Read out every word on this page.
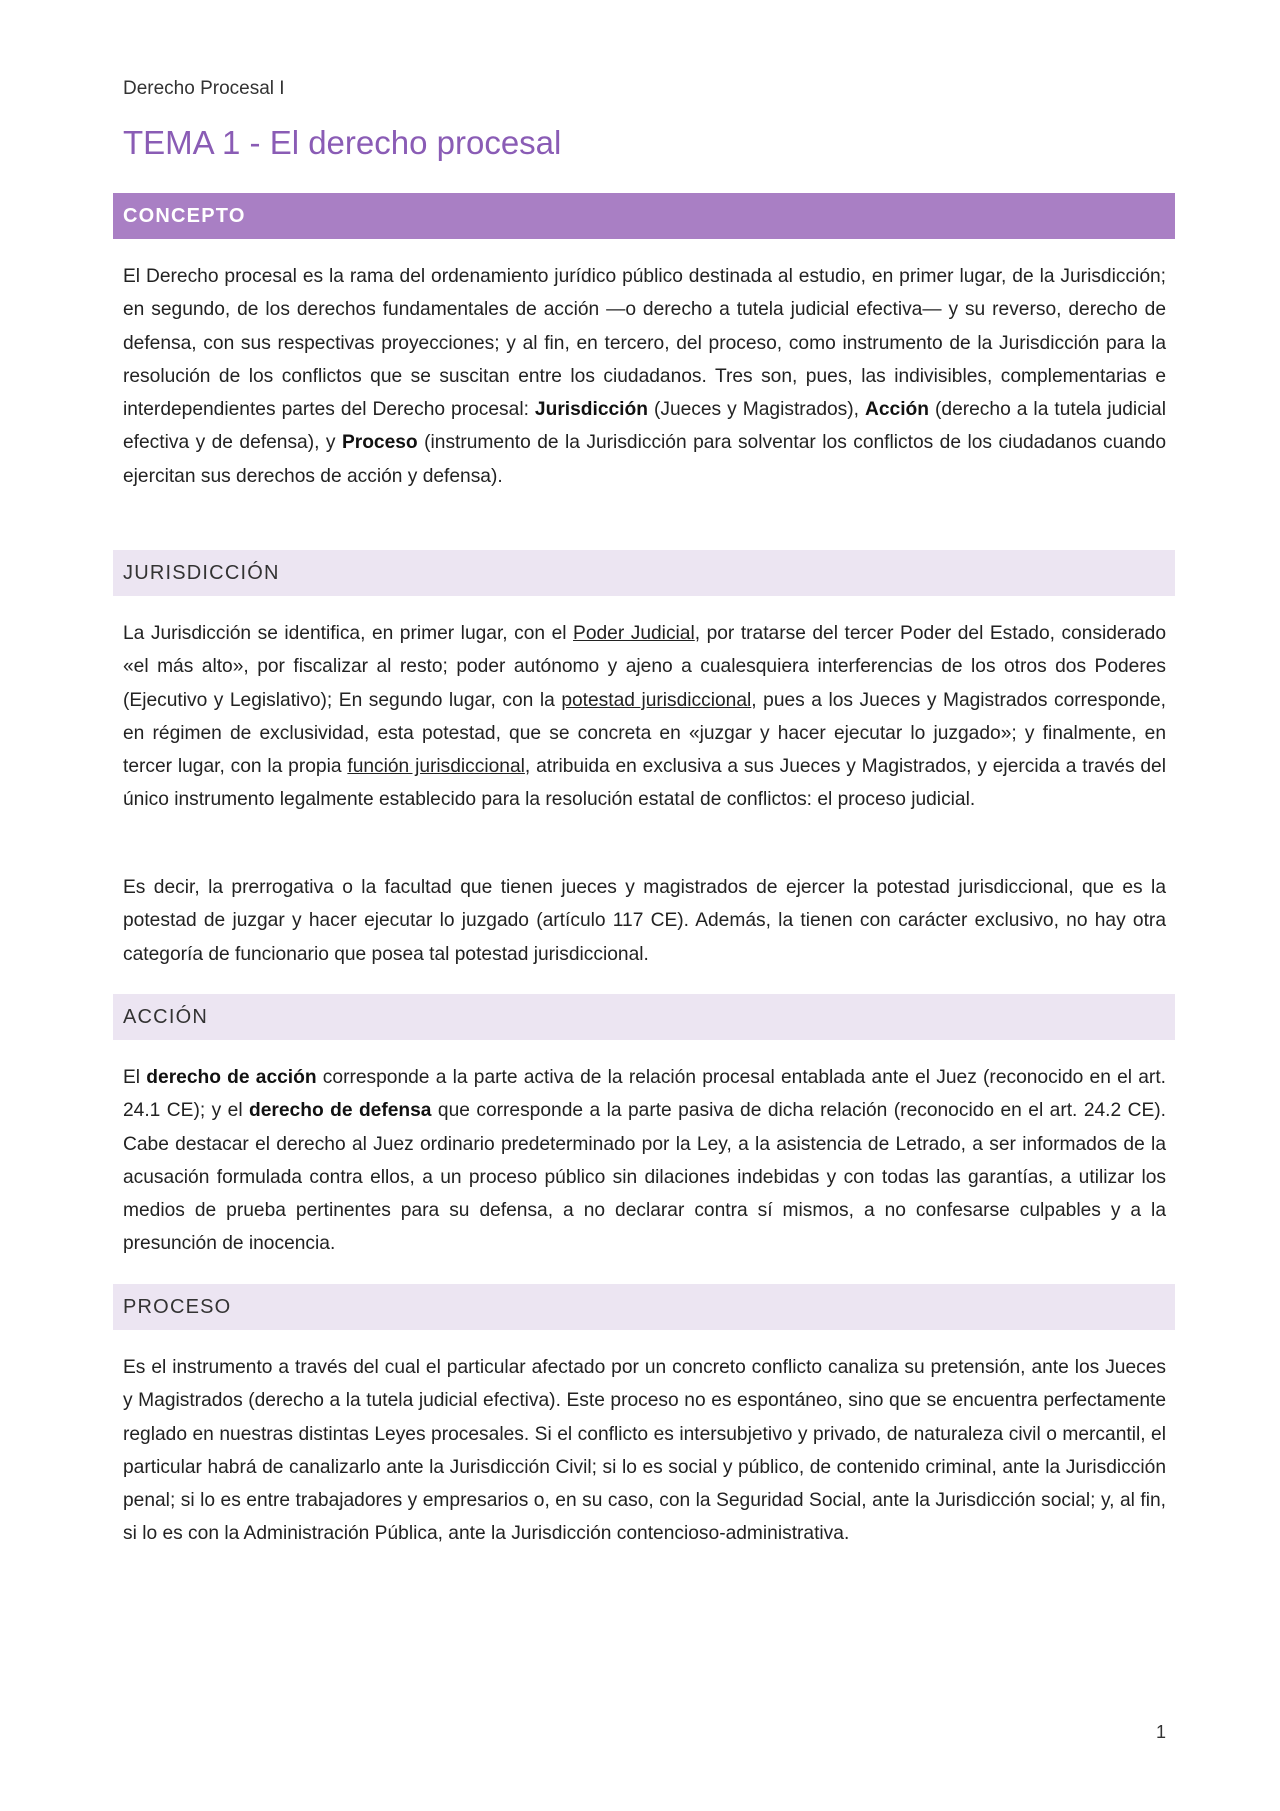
Derecho Procesal I
TEMA 1 - El derecho procesal
CONCEPTO

El Derecho procesal es la rama del ordenamiento jurídico público destinada al estudio, en primer lugar, de la Jurisdicción; en segundo, de los derechos fundamentales de acción —o derecho a tutela judicial efectiva— y su reverso, derecho de defensa, con sus respectivas proyecciones; y al fin, en tercero, del proceso, como instrumento de la Jurisdicción para la resolución de los conflictos que se suscitan entre los ciudadanos. Tres son, pues, las indivisibles, complementarias e interdependientes partes del Derecho procesal: Jurisdicción (Jueces y Magistrados), Acción (derecho a la tutela judicial efectiva y de defensa), y Proceso (instrumento de la Jurisdicción para solventar los conflictos de los ciudadanos cuando ejercitan sus derechos de acción y defensa).

JURISDICCIÓN

La Jurisdicción se identifica, en primer lugar, con el Poder Judicial, por tratarse del tercer Poder del Estado, considerado «el más alto», por fiscalizar al resto; poder autónomo y ajeno a cualesquiera interferencias de los otros dos Poderes (Ejecutivo y Legislativo); En segundo lugar, con la potestad jurisdiccional, pues a los Jueces y Magistrados corresponde, en régimen de exclusividad, esta potestad, que se concreta en «juzgar y hacer ejecutar lo juzgado»; y finalmente, en tercer lugar, con la propia función jurisdiccional, atribuida en exclusiva a sus Jueces y Magistrados, y ejercida a través del único instrumento legalmente establecido para la resolución estatal de conflictos: el proceso judicial.

Es decir, la prerrogativa o la facultad que tienen jueces y magistrados de ejercer la potestad jurisdiccional, que es la potestad de juzgar y hacer ejecutar lo juzgado (artículo 117 CE). Además, la tienen con carácter exclusivo, no hay otra categoría de funcionario que posea tal potestad jurisdiccional.

ACCIÓN

El derecho de acción corresponde a la parte activa de la relación procesal entablada ante el Juez (reconocido en el art. 24.1 CE); y el derecho de defensa que corresponde a la parte pasiva de dicha relación (reconocido en el art. 24.2 CE). Cabe destacar el derecho al Juez ordinario predeterminado por la Ley, a la asistencia de Letrado, a ser informados de la acusación formulada contra ellos, a un proceso público sin dilaciones indebidas y con todas las garantías, a utilizar los medios de prueba pertinentes para su defensa, a no declarar contra sí mismos, a no confesarse culpables y a la presunción de inocencia.

PROCESO

Es el instrumento a través del cual el particular afectado por un concreto conflicto canaliza su pretensión, ante los Jueces y Magistrados (derecho a la tutela judicial efectiva). Este proceso no es espontáneo, sino que se encuentra perfectamente reglado en nuestras distintas Leyes procesales. Si el conflicto es intersubjetivo y privado, de naturaleza civil o mercantil, el particular habrá de canalizarlo ante la Jurisdicción Civil; si lo es social y público, de contenido criminal, ante la Jurisdicción penal; si lo es entre trabajadores y empresarios o, en su caso, con la Seguridad Social, ante la Jurisdicción social; y, al fin, si lo es con la Administración Pública, ante la Jurisdicción contencioso-administrativa.

1
